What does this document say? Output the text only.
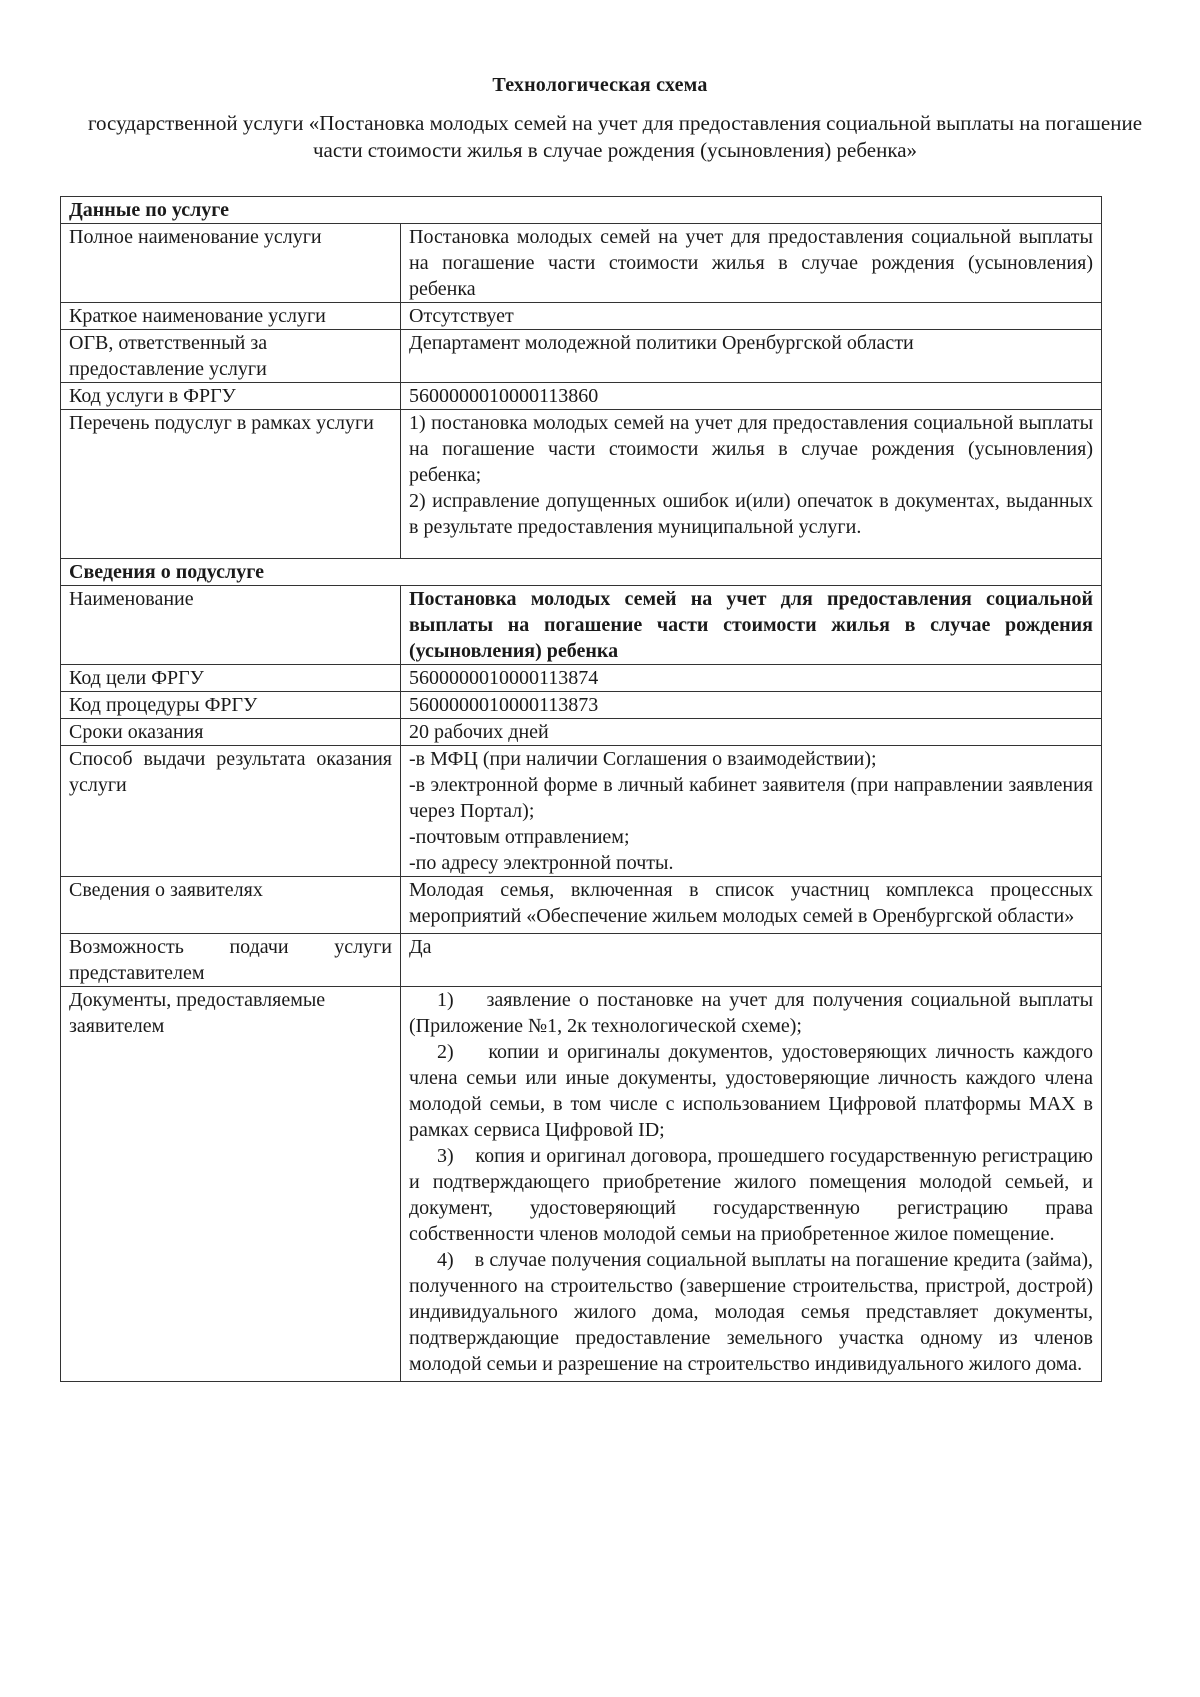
Технологическая схема
государственной услуги «Постановка молодых семей на учет для предоставления социальной выплаты на погашение части стоимости жилья в случае рождения (усыновления) ребенка»
Данные по услуге	
Полное наименование услуги	Постановка молодых семей на учет для предоставления социальной выплаты на погашение части стоимости жилья в случае рождения (усыновления) ребенка
Краткое наименование услуги	Отсутствует
ОГВ, ответственный за предоставление услуги	Департамент молодежной политики Оренбургской области
Код услуги в ФРГУ	5600000010000113860
Перечень подуслуг в рамках услуги	1) постановка молодых семей на учет для предоставления социальной выплаты на погашение части стоимости жилья в случае рождения (усыновления) ребенка;

2) исправление допущенных ошибок и(или) опечаток в документах, выданных в результате предоставления муниципальной услуги.

Сведения о подуслуге	
Наименование	Постановка молодых семей на учет для предоставления социальной выплаты на погашение части стоимости жилья в случае рождения (усыновления) ребенка
Код цели ФРГУ	5600000010000113874
Код процедуры ФРГУ	5600000010000113873
Сроки оказания	20 рабочих дней
Способ выдачи результата оказания услуги	-в МФЦ (при наличии Соглашения о взаимодействии);

-в электронной форме в личный кабинет заявителя (при направлении заявления через Портал);

-почтовым отправлением;

-по адресу электронной почты.

Сведения о заявителях	Молодая семья, включенная в список участниц комплекса процессных мероприятий «Обеспечение жильем молодых семей в Оренбургской области»
Возможность подачи услуги представителем	Да
Документы, предоставляемые заявителем	1)    заявление о постановке на учет для получения социальной выплаты (Приложение №1, 2к технологической схеме);

2)    копии и оригиналы документов, удостоверяющих личность каждого члена семьи или иные документы, удостоверяющие личность каждого члена молодой семьи, в том числе с использованием Цифровой платформы МАХ в рамках сервиса Цифровой ID;

3)    копия и оригинал договора, прошедшего государственную регистрацию и подтверждающего приобретение жилого помещения молодой семьей, и документ, удостоверяющий государственную регистрацию права собственности членов молодой семьи на приобретенное жилое помещение.

4)    в случае получения социальной выплаты на погашение кредита (займа), полученного на строительство (завершение строительства, пристрой, дострой) индивидуального жилого дома, молодая семья представляет документы, подтверждающие предоставление земельного участка одному из членов молодой семьи и разрешение на строительство индивидуального жилого дома.
